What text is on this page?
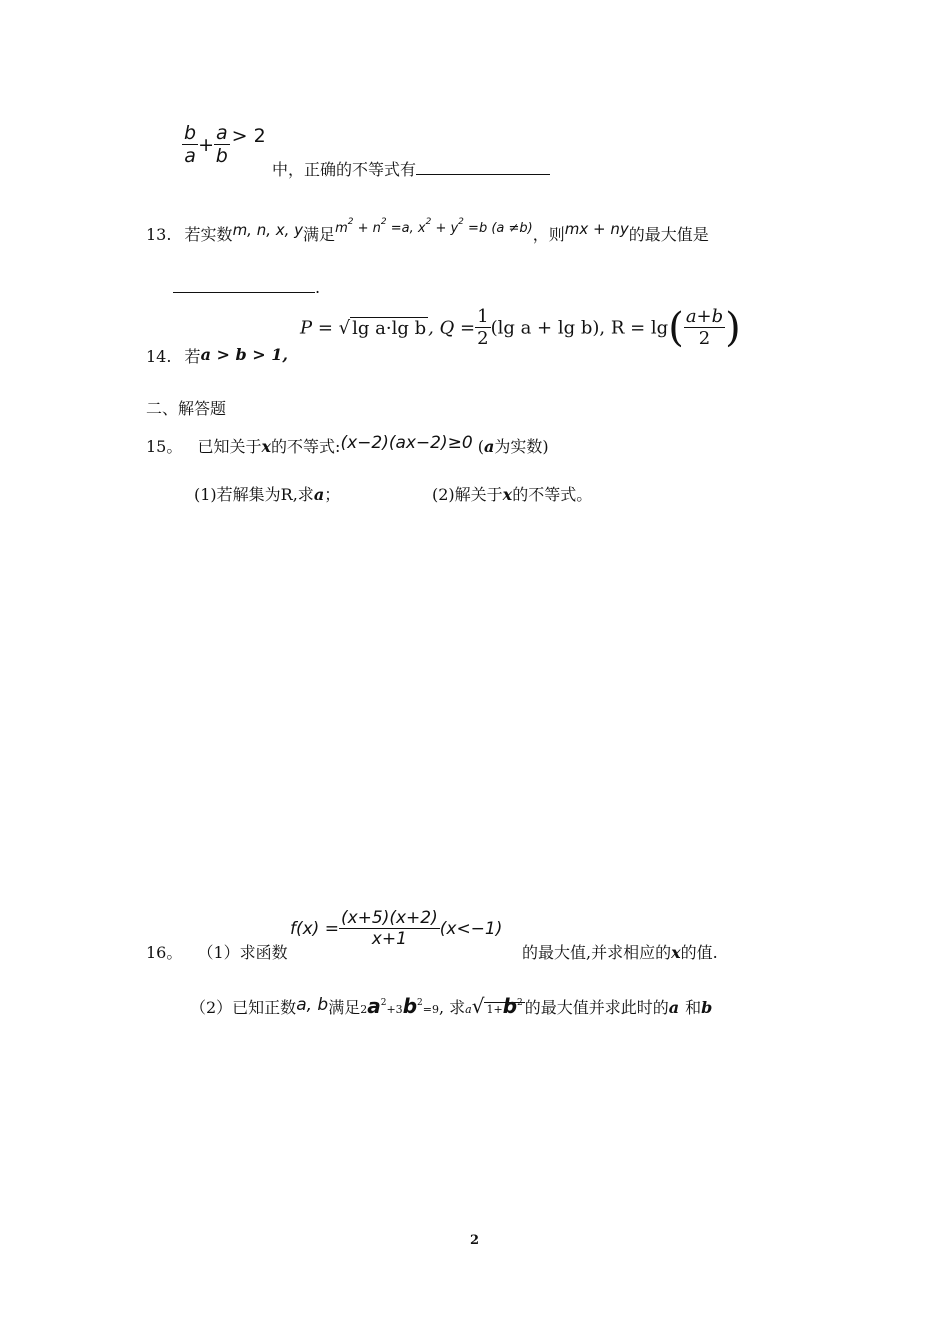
$\frac{b}{a} + \frac{a}{b} > 2$
中，正确的不等式有
13. 若实数m, n, x, y满足$^{m^2 + n^2 =a, x^2 + y^2 =b (a \ne b)}$，则mx + ny的最大值是
.
14. 若a > b > 1,
P = √ lg a·lg b , $Q = \frac{1}{2} (\lg$ a + lg b), $R = \lg( \frac{a+b}{2}$ )
二、解答题
15。 已知关于x的不等式:(x−2)(ax−2)≥0 (a为实数)
(1)若解集为R,求a；	(2)解关于x的不等式。
16。 （1）求函数
$f(x) = \frac{(x+5)(x+2)}{x+1} (x<-1)$
的最大值,并求相应的x的值.
（2）已知正数a, b满足$2a^2+3b^2=9$, 求a√ $1+b^2$ 的最大值并求此时的a 和b
2
